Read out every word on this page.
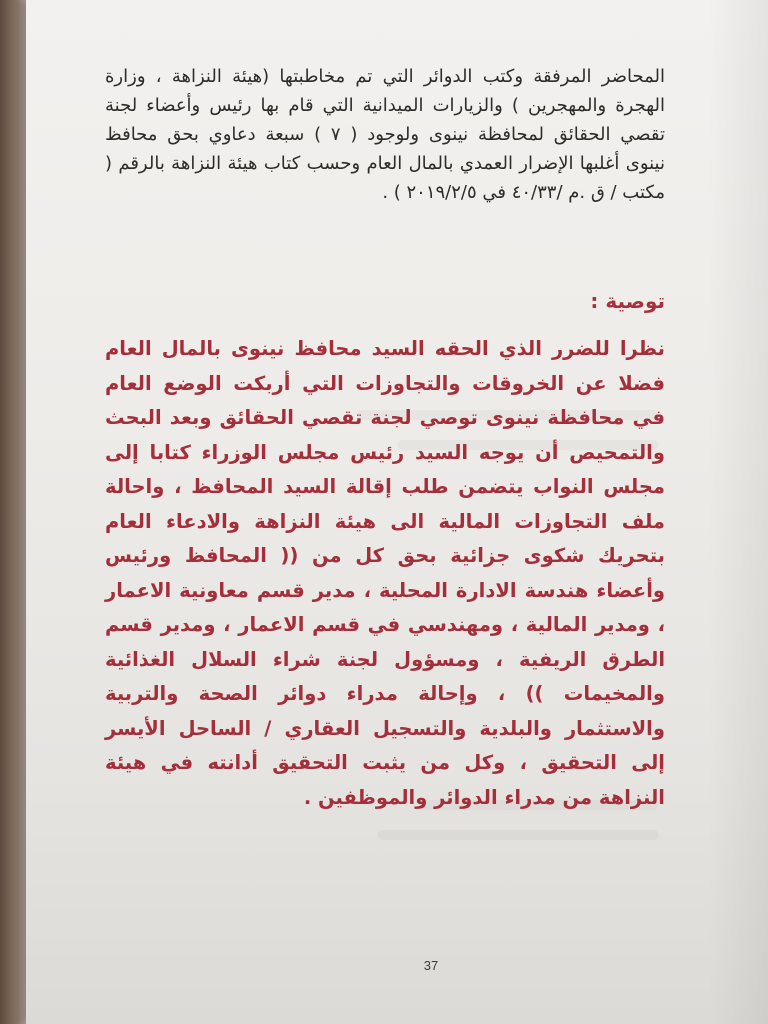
المحاضر المرفقة وكتب الدوائر التي تم مخاطبتها (هيئة النزاهة ، وزارة الهجرة والمهجرين ) والزيارات الميدانية التي قام بها رئيس وأعضاء لجنة تقصي الحقائق لمحافظة نينوى ولوجود ( ٧ ) سبعة دعاوي بحق محافظ نينوى أغلبها الإضرار العمدي بالمال العام وحسب كتاب هيئة النزاهة بالرقم ( مكتب / ق .م /٤٠/٣٣ في ٢٠١٩/٢/٥ ) .

توصية :

نظرا للضرر الذي الحقه السيد محافظ نينوى بالمال العام فضلا عن الخروقات والتجاوزات التي أربكت الوضع العام في محافظة نينوى توصي لجنة تقصي الحقائق وبعد البحث والتمحيص أن يوجه السيد رئيس مجلس الوزراء كتابا إلى مجلس النواب يتضمن طلب إقالة السيد المحافظ ، واحالة ملف التجاوزات المالية الى هيئة النزاهة والادعاء العام بتحريك شكوى جزائية بحق كل من (( المحافظ ورئيس وأعضاء هندسة الادارة المحلية ، مدير قسم معاونية الاعمار ، ومدير المالية ، ومهندسي في قسم الاعمار ، ومدير قسم الطرق الريفية ، ومسؤول لجنة شراء السلال الغذائية والمخيمات )) ، وإحالة مدراء دوائر الصحة والتربية والاستثمار والبلدية والتسجيل العقاري / الساحل الأيسر إلى التحقيق ، وكل من يثبت التحقيق أدانته في هيئة النزاهة من مدراء الدوائر والموظفين .

37
